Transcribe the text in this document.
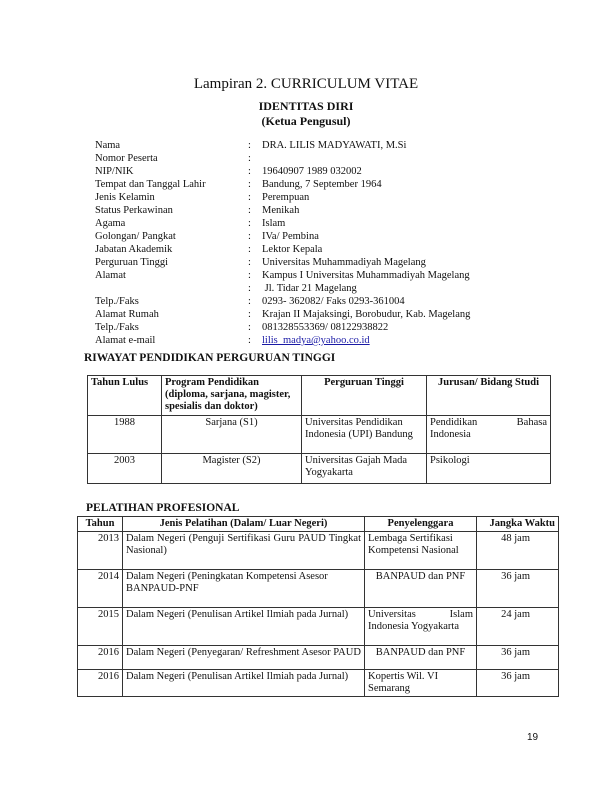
Lampiran 2. CURRICULUM VITAE
IDENTITAS DIRI
(Ketua Pengusul)
Nama	: DRA. LILIS MADYAWATI, M.Si
Nomor Peserta	:
NIP/NIK	: 19640907 1989 032002
Tempat dan Tanggal Lahir	: Bandung, 7 September 1964
Jenis Kelamin	: Perempuan
Status Perkawinan	: Menikah
Agama	: Islam
Golongan/ Pangkat	: IVa/ Pembina
Jabatan Akademik	: Lektor Kepala
Perguruan Tinggi	: Universitas Muhammadiyah Magelang
Alamat	: Kampus I Universitas Muhammadiyah Magelang
: Jl. Tidar 21 Magelang
Telp./Faks	: 0293- 362082/ Faks 0293-361004
Alamat Rumah	: Krajan II Majaksingi, Borobudur, Kab. Magelang
Telp./Faks	: 081328553369/ 08122938822
Alamat e-mail	: lilis_madya@yahoo.co.id
RIWAYAT PENDIDIKAN PERGURUAN TINGGI
Tahun Lulus	Program Pendidikan (diploma, sarjana, magister, spesialis dan doktor)	Perguruan Tinggi	Jurusan/ Bidang Studi
1988	Sarjana (S1)	Universitas Pendidikan Indonesia (UPI) Bandung	Pendidikan Bahasa Indonesia
2003	Magister (S2)	Universitas Gajah Mada Yogyakarta	Psikologi
PELATIHAN PROFESIONAL
Tahun	Jenis Pelatihan (Dalam/ Luar Negeri)	Penyelenggara	Jangka Waktu
2013	Dalam Negeri (Penguji Sertifikasi Guru PAUD Tingkat Nasional)	Lembaga Sertifikasi Kompetensi Nasional	48 jam
2014	Dalam Negeri (Peningkatan Kompetensi Asesor BANPAUD-PNF	BANPAUD dan PNF	36 jam
2015	Dalam Negeri (Penulisan Artikel Ilmiah pada Jurnal)	Universitas Islam Indonesia Yogyakarta	24 jam
2016	Dalam Negeri (Penyegaran/ Refreshment Asesor PAUD	BANPAUD dan PNF	36 jam
2016	Dalam Negeri (Penulisan Artikel Ilmiah pada Jurnal)	Kopertis Wil. VI Semarang	36 jam
19
